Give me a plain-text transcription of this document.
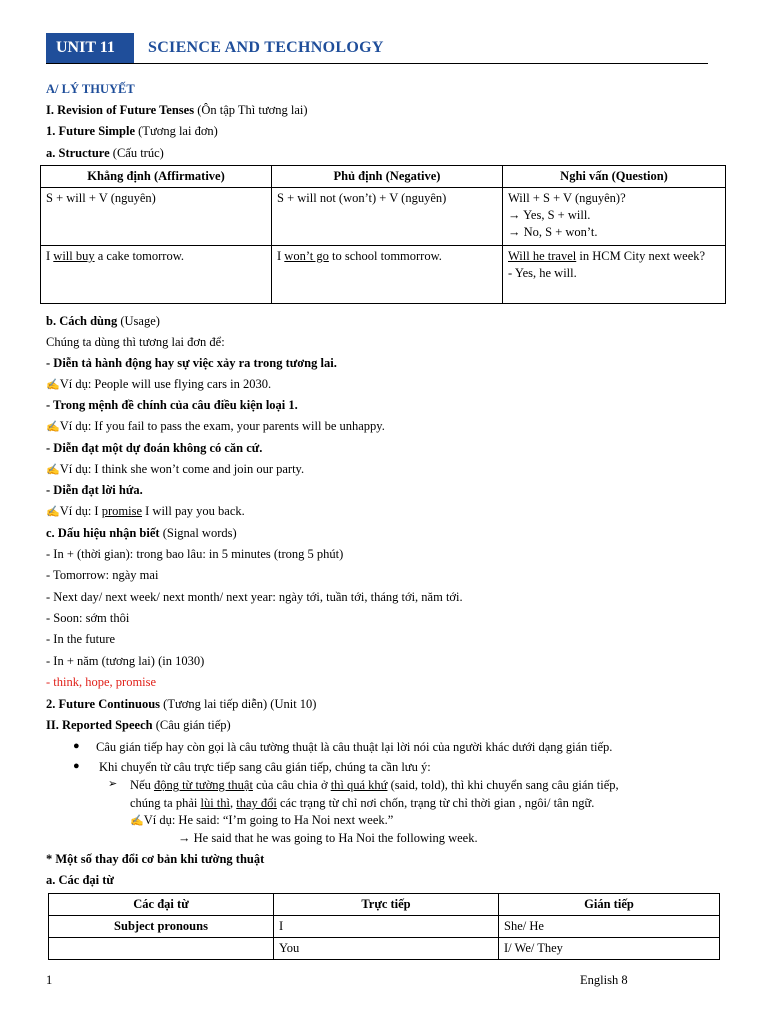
UNIT 11	SCIENCE AND TECHNOLOGY
A/ LÝ THUYẾT
I. Revision of Future Tenses (Ôn tập Thì tương lai)
1. Future Simple (Tương lai đơn)
a. Structure (Cấu trúc)
Khẳng định (Affirmative)	Phủ định (Negative)	Nghi vấn (Question)
S + will + V (nguyên)	S + will not (won’t) + V (nguyên)	Will + S + V (nguyên)?
→ Yes, S + will.
→ No, S + won’t.

I will buy a cake tomorrow.	I won’t go to school tommorrow.	Will he travel in HCM City next week?
- Yes, he will.
b. Cách dùng (Usage)
Chúng ta dùng thì tương lai đơn để:
- Diễn tả hành động hay sự việc xảy ra trong tương lai.
✍Ví dụ: People will use flying cars in 2030.
- Trong mệnh đề chính của câu điều kiện loại 1.
✍Ví dụ: If you fail to pass the exam, your parents will be unhappy.
- Diễn đạt một dự đoán không có căn cứ.
✍Ví dụ: I think she won’t come and join our party.
- Diễn đạt lời hứa.
✍Ví dụ: I promise I will pay you back.
c. Dấu hiệu nhận biết (Signal words)
- In + (thời gian): trong bao lâu: in 5 minutes (trong 5 phút)
- Tomorrow: ngày mai
- Next day/ next week/ next month/ next year: ngày tới, tuần tới, tháng tới, năm tới.
- Soon: sớm thôi
- In the future
- In + năm (tương lai) (in 1030)
- think, hope, promise
2. Future Continuous (Tương lai tiếp diễn) (Unit 10)
II. Reported Speech (Câu gián tiếp)
● Câu gián tiếp hay còn gọi là câu tường thuật là câu thuật lại lời nói của người khác dưới dạng gián tiếp.
● Khi chuyển từ câu trực tiếp sang câu gián tiếp, chúng ta cần lưu ý:
➢ Nếu động từ tường thuật của câu chia ở thì quá khứ (said, told), thì khi chuyển sang câu gián tiếp,
chúng ta phải lùi thì, thay đổi các trạng từ chỉ nơi chốn, trạng từ chỉ thời gian , ngôi/ tân ngữ.
✍Ví dụ: He said: “I’m going to Ha Noi next week.”
→ He said that he was going to Ha Noi the following week.
* Một số thay đổi cơ bản khi tường thuật
a. Các đại từ
Các đại từ	Trực tiếp	Gián tiếp
Subject pronouns	I	She/ He
	You	I/ We/ They
1	English 8
